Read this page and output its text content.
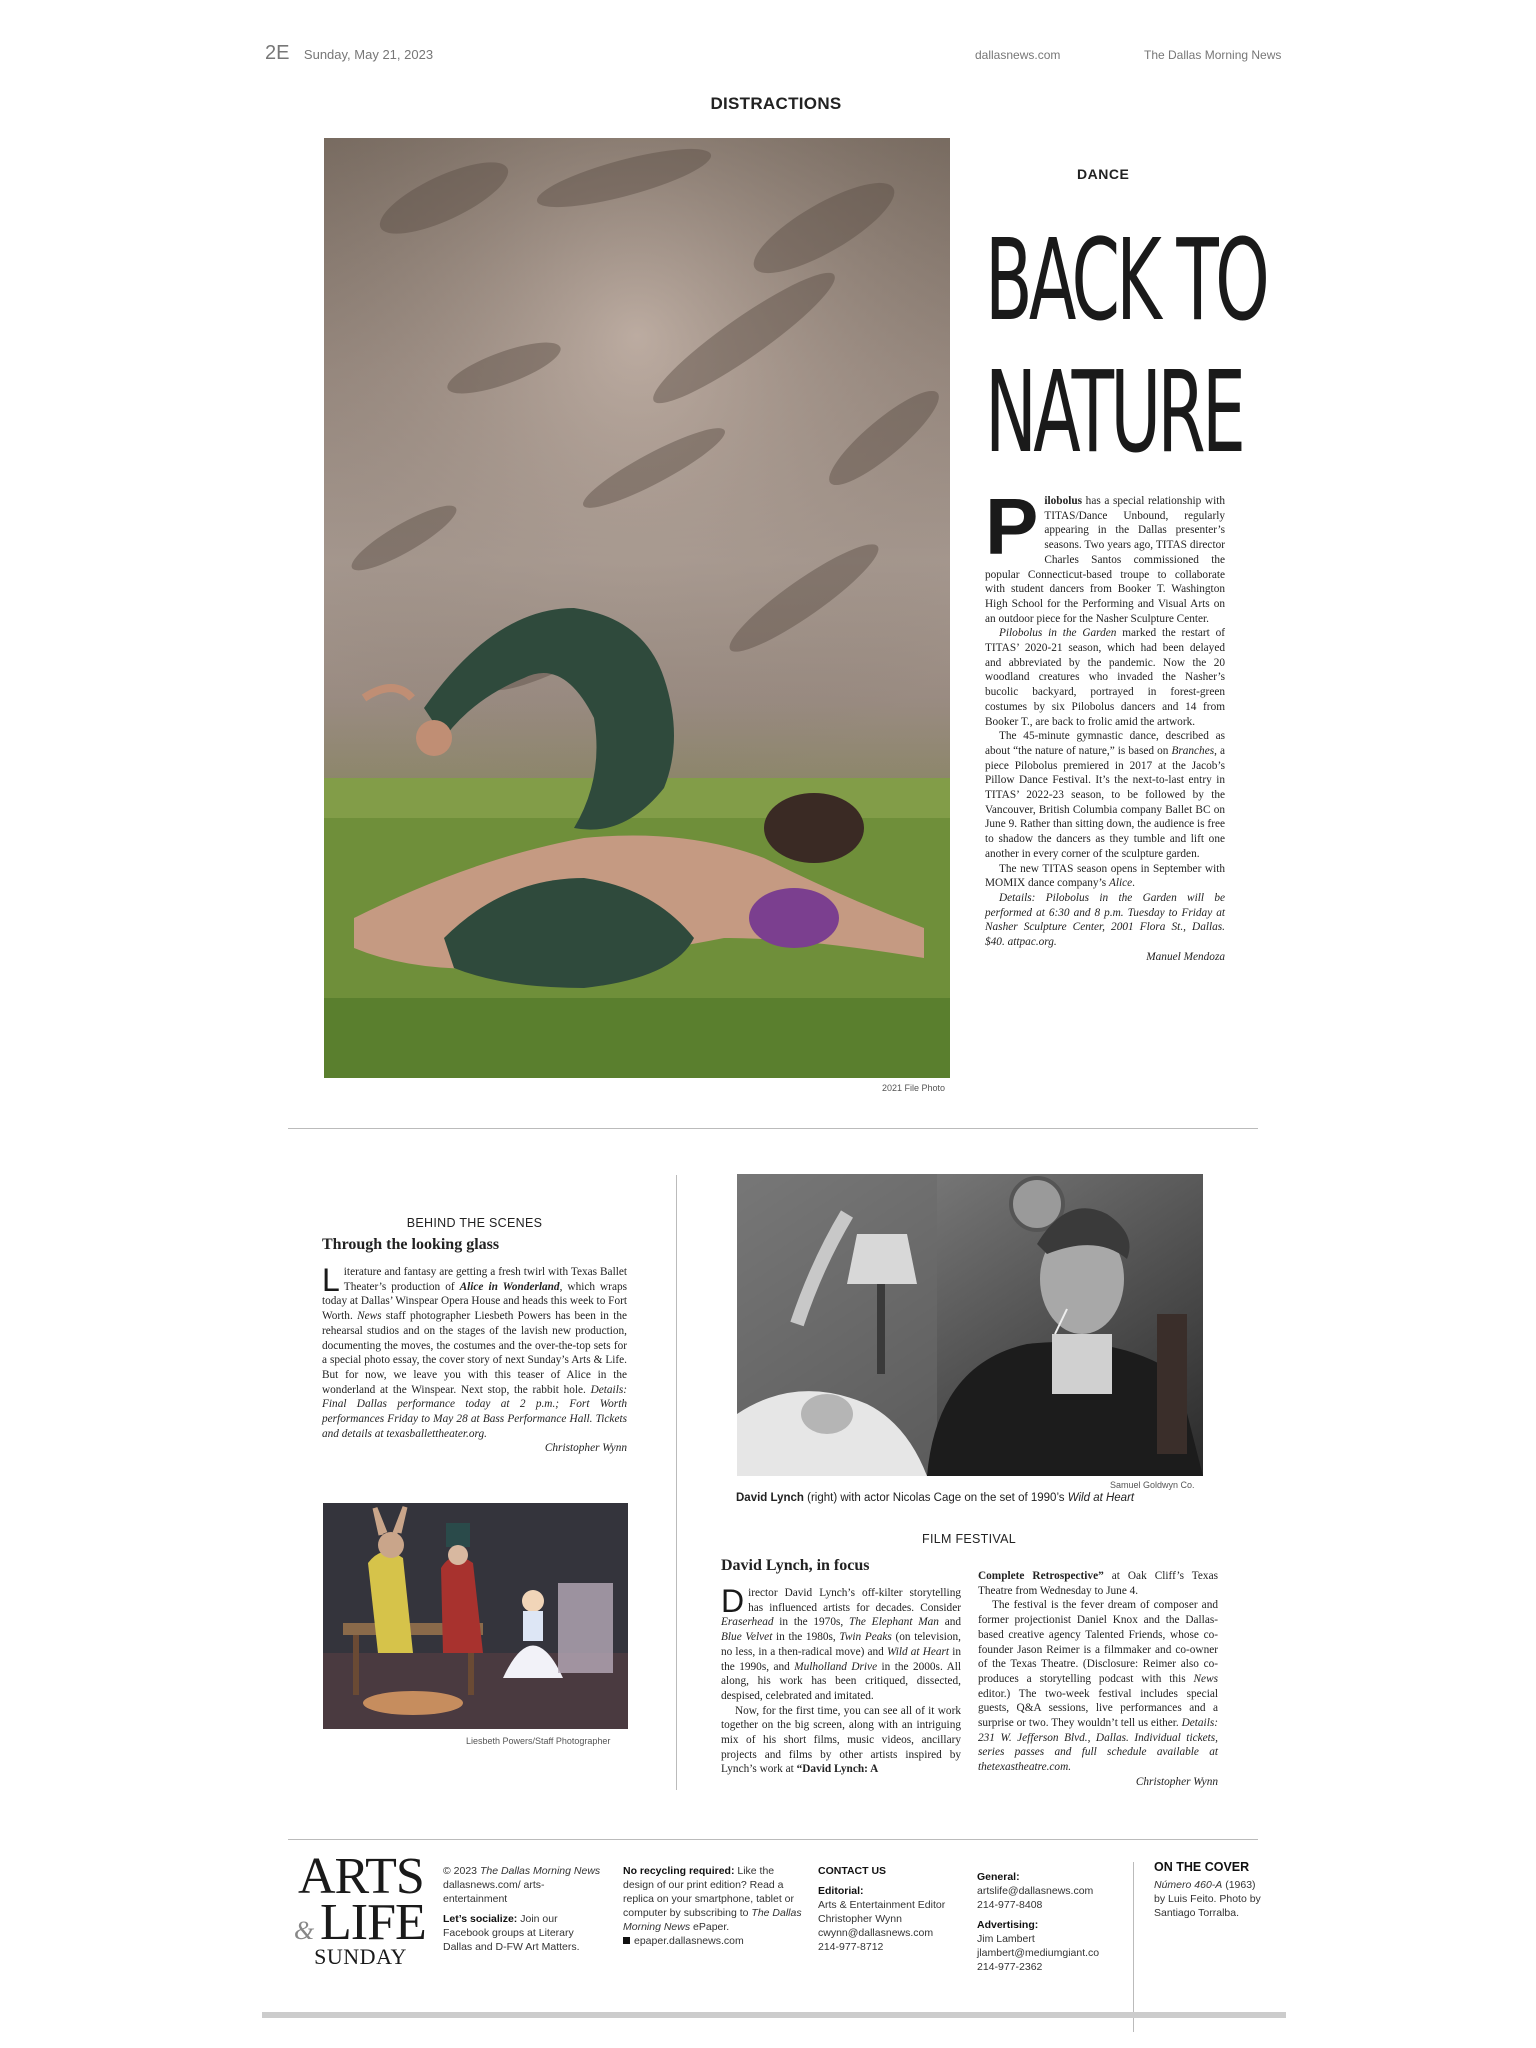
2E Sunday, May 21, 2023	dallasnews.com	The Dallas Morning News
DISTRACTIONS
2021 File Photo
DANCE
BACK TO
NATURE

Pilobolus has a special relationship with TITAS/Dance Unbound, regularly appearing in the Dallas presenter’s seasons. Two years ago, TITAS director Charles Santos commissioned the popular Connecticut-based troupe to collaborate with student dancers from Booker T. Washington High School for the Performing and Visual Arts on an outdoor piece for the Nasher Sculpture Center.

Pilobolus in the Garden marked the restart of TITAS’ 2020-21 season, which had been delayed and abbreviated by the pandemic. Now the 20 woodland creatures who invaded the Nasher’s bucolic backyard, portrayed in forest-green costumes by six Pilobolus dancers and 14 from Booker T., are back to frolic amid the artwork.

The 45-minute gymnastic dance, described as about “the nature of nature,” is based on Branches, a piece Pilobolus premiered in 2017 at the Jacob’s Pillow Dance Festival. It’s the next-to-last entry in TITAS’ 2022-23 season, to be followed by the Vancouver, British Columbia company Ballet BC on June 9. Rather than sitting down, the audience is free to shadow the dancers as they tumble and lift one another in every corner of the sculpture garden.

The new TITAS season opens in September with MOMIX dance company’s Alice.

Details: Pilobolus in the Garden will be performed at 6:30 and 8 p.m. Tuesday to Friday at Nasher Sculpture Center, 2001 Flora St., Dallas. $40. attpac.org.

Manuel Mendoza

BEHIND THE SCENES
Through the looking glass
Literature and fantasy are getting a fresh twirl with Texas Ballet Theater’s production of Alice in Wonderland, which wraps today at Dallas’ Winspear Opera House and heads this week to Fort Worth. News staff photographer Liesbeth Powers has been in the rehearsal studios and on the stages of the lavish new production, documenting the moves, the costumes and the over-the-top sets for a special photo essay, the cover story of next Sunday’s Arts & Life. But for now, we leave you with this teaser of Alice in the wonderland at the Winspear. Next stop, the rabbit hole. Details: Final Dallas performance today at 2 p.m.; Fort Worth performances Friday to May 28 at Bass Performance Hall. Tickets and details at texasballettheater.org.
Christopher Wynn
Liesbeth Powers/Staff Photographer
Samuel Goldwyn Co.
David Lynch (right) with actor Nicolas Cage on the set of 1990’s Wild at Heart
FILM FESTIVAL
David Lynch, in focus

Director David Lynch’s off-kilter storytelling has influenced artists for decades. Consider Eraserhead in the 1970s, The Elephant Man and Blue Velvet in the 1980s, Twin Peaks (on television, no less, in a then-radical move) and Wild at Heart in the 1990s, and Mulholland Drive in the 2000s. All along, his work has been critiqued, dissected, despised, celebrated and imitated.

Now, for the first time, you can see all of it work together on the big screen, along with an intriguing mix of his short films, music videos, ancillary projects and films by other artists inspired by Lynch’s work at “David Lynch: A

Complete Retrospective” at Oak Cliff’s Texas Theatre from Wednesday to June 4.

The festival is the fever dream of composer and former projectionist Daniel Knox and the Dallas-based creative agency Talented Friends, whose co-founder Jason Reimer is a filmmaker and co-owner of the Texas Theatre. (Disclosure: Reimer also co-produces a storytelling podcast with this News editor.) The two-week festival includes special guests, Q&A sessions, live performances and a surprise or two. They wouldn’t tell us either. Details: 231 W. Jefferson Blvd., Dallas. Individual tickets, series passes and full schedule available at thetexastheatre.com.

Christopher Wynn

ARTS
& LIFE
SUNDAY
© 2023 The Dallas Morning News
dallasnews.com/ arts-entertainment
Let’s socialize: Join our Facebook groups at Literary Dallas and D-FW Art Matters.
No recycling required: Like the design of our print edition? Read a replica on your smartphone, tablet or computer by subscribing to The Dallas Morning News ePaper.
epaper.dallasnews.com
CONTACT US
Editorial:
Arts & Entertainment Editor
Christopher Wynn
cwynn@dallasnews.com
214-977-8712
General:
artslife@dallasnews.com
214-977-8408
Advertising:
Jim Lambert
jlambert@mediumgiant.co
214-977-2362
ON THE COVER
Número 460-A (1963) by Luis Feito. Photo by Santiago Torralba.
